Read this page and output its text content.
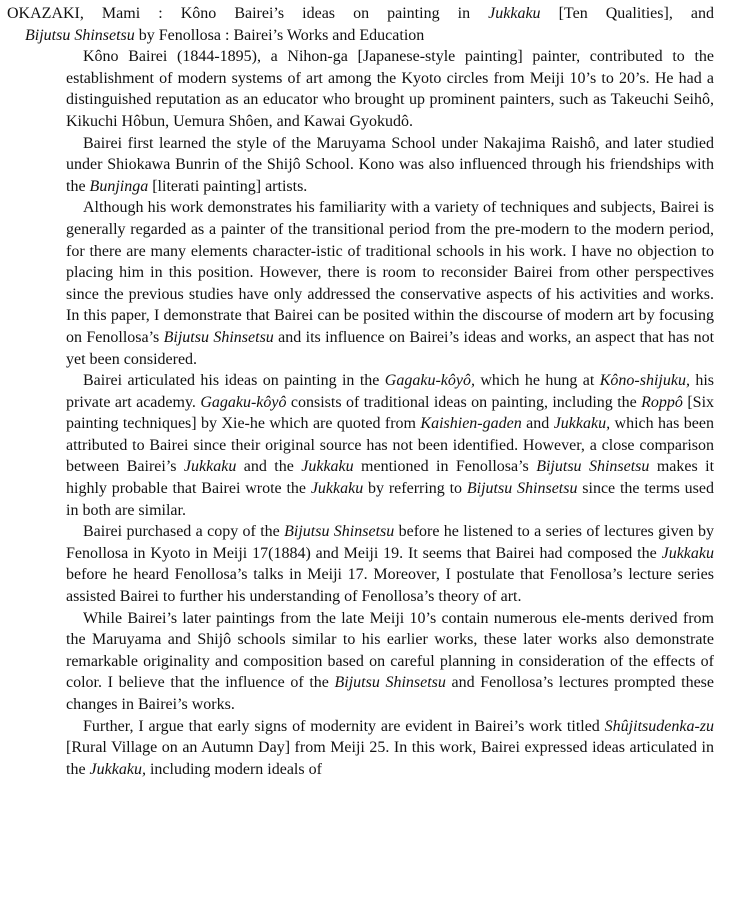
OKAZAKI, Mami : Kôno Bairei’s ideas on painting in Jukkaku [Ten Qualities], and

Bijutsu Shinsetsu by Fenollosa : Bairei’s Works and Education

Kôno Bairei (1844-1895), a Nihon-ga [Japanese-style painting] painter, contributed to the establishment of modern systems of art among the Kyoto circles from Meiji 10’s to 20’s. He had a distinguished reputation as an educator who brought up prominent painters, such as Takeuchi Seihô, Kikuchi Hôbun, Uemura Shôen, and Kawai Gyokudô.

Bairei first learned the style of the Maruyama School under Nakajima Raishô, and later studied under Shiokawa Bunrin of the Shijô School. Kono was also influenced through his friendships with the Bunjinga [literati painting] artists.

Although his work demonstrates his familiarity with a variety of techniques and subjects, Bairei is generally regarded as a painter of the transitional period from the pre-modern to the modern period, for there are many elements character-istic of traditional schools in his work. I have no objection to placing him in this position. However, there is room to reconsider Bairei from other perspectives since the previous studies have only addressed the conservative aspects of his activities and works. In this paper, I demonstrate that Bairei can be posited within the discourse of modern art by focusing on Fenollosa’s Bijutsu Shinsetsu and its influence on Bairei’s ideas and works, an aspect that has not yet been considered.

Bairei articulated his ideas on painting in the Gagaku-kôyô, which he hung at Kôno-shijuku, his private art academy. Gagaku-kôyô consists of traditional ideas on painting, including the Roppô [Six painting techniques] by Xie-he which are quoted from Kaishien-gaden and Jukkaku, which has been attributed to Bairei since their original source has not been identified. However, a close comparison between Bairei’s Jukkaku and the Jukkaku mentioned in Fenollosa’s Bijutsu Shinsetsu makes it highly probable that Bairei wrote the Jukkaku by referring to Bijutsu Shinsetsu since the terms used in both are similar.

Bairei purchased a copy of the Bijutsu Shinsetsu before he listened to a series of lectures given by Fenollosa in Kyoto in Meiji 17(1884) and Meiji 19. It seems that Bairei had composed the Jukkaku before he heard Fenollosa’s talks in Meiji 17. Moreover, I postulate that Fenollosa’s lecture series assisted Bairei to further his understanding of Fenollosa’s theory of art.

While Bairei’s later paintings from the late Meiji 10’s contain numerous ele-ments derived from the Maruyama and Shijô schools similar to his earlier works, these later works also demonstrate remarkable originality and composition based on careful planning in consideration of the effects of color. I believe that the influence of the Bijutsu Shinsetsu and Fenollosa’s lectures prompted these changes in Bairei’s works.

Further, I argue that early signs of modernity are evident in Bairei’s work titled Shûjitsudenka-zu [Rural Village on an Autumn Day] from Meiji 25. In this work, Bairei expressed ideas articulated in the Jukkaku, including modern ideals of
